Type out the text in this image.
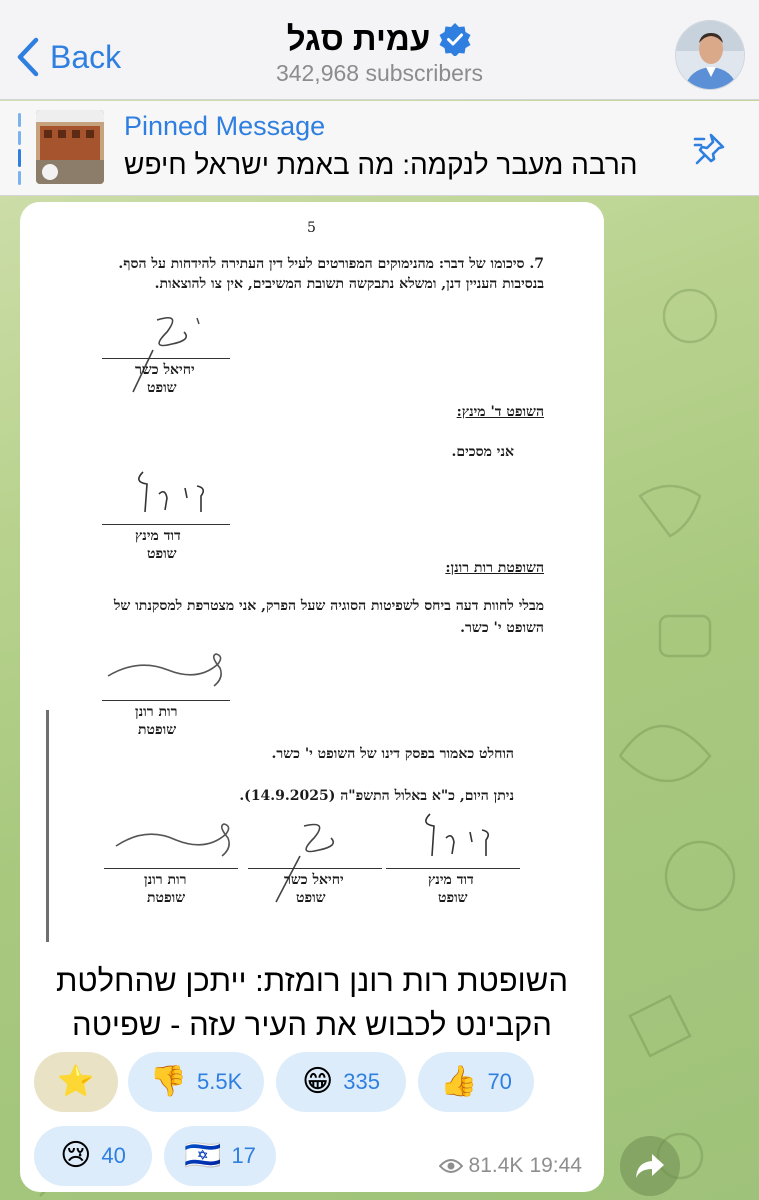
Back	עמית סגל
342,968 subscribers
Pinned Message
הרבה מעבר לנקמה: מה באמת ישראל חיפש
5
7. סיכומו של דבר: מהנימוקים המפורטים לעיל דין העתירה להידחות על הסף.
בנסיבות העניין דנן, ומשלא נתבקשה תשובת המשיבים, אין צו להוצאות.
יחיאל כשר
שופט
השופט ד' מינץ:
אני מסכים.
דוד מינץ
שופט
השופטת רות רונן:
מבלי לחוות דעה ביחס לשפיטות הסוגיה שעל הפרק, אני מצטרפת למסקנתו של
השופט י' כשר.
רות רונן
שופטת
הוחלט כאמור בפסק דינו של השופט י' כשר.
ניתן היום, כ"א באלול התשפ"ה (14.9.2025).
רות רונן
שופטת
יחיאל כשר
שופט
דוד מינץ
שופט
השופטת רות רונן רומזת: ייתכן שהחלטת הקבינט לכבוש את העיר עזה - שפיטה
⭐ 👎 5.5K 😁 335 👍 70
😢 40 🇮🇱 17	81.4K 19:44
